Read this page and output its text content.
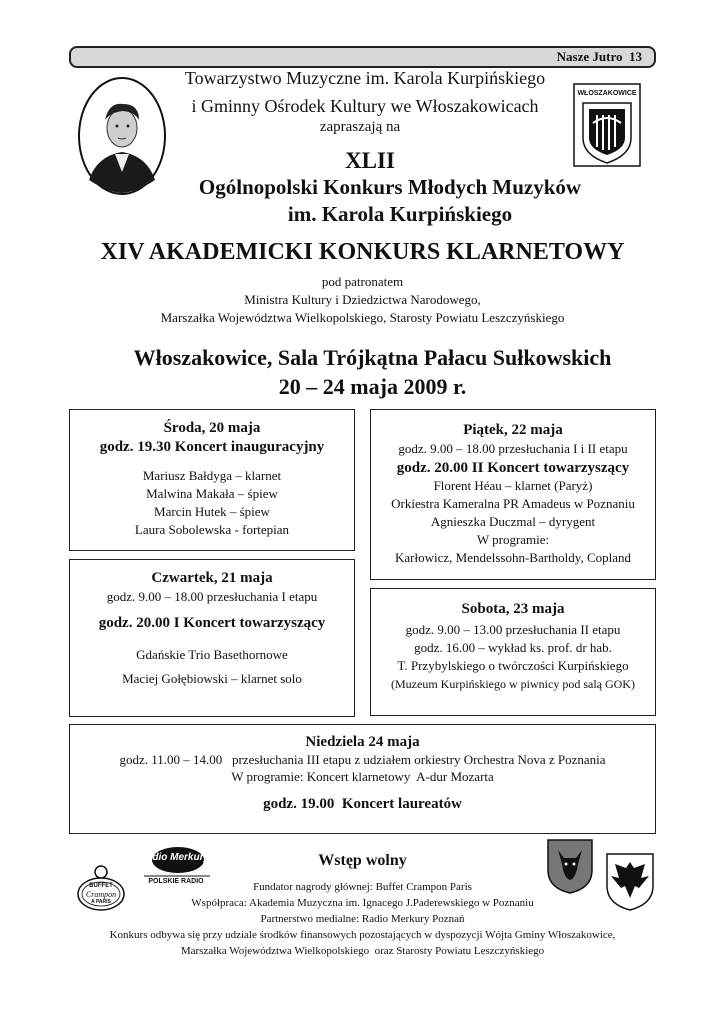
Nasze Jutro  13
WŁOSZAKOWICE
Towarzystwo Muzyczne im. Karola Kurpińskiego
i Gminny Ośrodek Kultury we Włoszakowicach
zapraszają na
XLII
Ogólnopolski Konkurs Młodych Muzyków
im. Karola Kurpińskiego
XIV AKADEMICKI KONKURS KLARNETOWY
pod patronatem
Ministra Kultury i Dziedzictwa Narodowego,
Marszałka Województwa Wielkopolskiego, Starosty Powiatu Leszczyńskiego
Włoszakowice, Sala Trójkątna Pałacu Sułkowskich
20 – 24 maja 2009 r.
Środa, 20 maja
godz. 19.30 Koncert inauguracyjny
Mariusz Bałdyga – klarnet
Malwina Makała – śpiew
Marcin Hutek – śpiew
Laura Sobolewska - fortepian
Piątek, 22 maja
godz. 9.00 – 18.00 przesłuchania I i II etapu
godz. 20.00 II Koncert towarzyszący
Florent Héau – klarnet (Paryż)
Orkiestra Kameralna PR Amadeus w Poznaniu
Agnieszka Duczmal – dyrygent
W programie:
Karłowicz, Mendelssohn-Bartholdy, Copland
Czwartek, 21 maja
godz. 9.00 – 18.00 przesłuchania I etapu
godz. 20.00 I Koncert towarzyszący
Gdańskie Trio Basethornowe
Maciej Gołębiowski – klarnet solo
Sobota, 23 maja
godz. 9.00 – 13.00 przesłuchania II etapu
godz. 16.00 – wykład ks. prof. dr hab.
T. Przybylskiego o twórczości Kurpińskiego
(Muzeum Kurpińskiego w piwnicy pod salą GOK)
Niedziela 24 maja
godz. 11.00 – 14.00   przesłuchania III etapu z udziałem orkiestry Orchestra Nova z Poznania
W programie: Koncert klarnetowy  A-dur Mozarta
godz. 19.00  Koncert laureatów
Wstęp wolny
Fundator nagrody głównej: Buffet Crampon Paris
Współpraca: Akademia Muzyczna im. Ignacego J.Paderewskiego w Poznaniu
Partnerstwo medialne: Radio Merkury Poznań
Konkurs odbywa się przy udziale środków finansowych pozostających w dyspozycji Wójta Gminy Włoszakowice,
Marszałka Województwa Wielkopolskiego  oraz Starosty Powiatu Leszczyńskiego
radio Merkury
POLSKIE RADIO
BUFFET
Crampon
A PARIS
